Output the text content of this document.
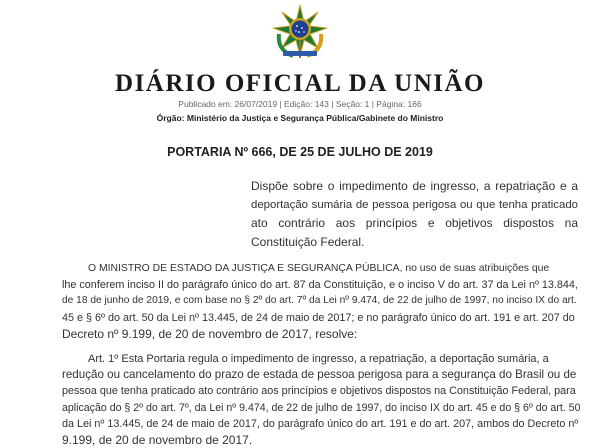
DIÁRIO OFICIAL DA UNIÃO
Publicado em: 26/07/2019 | Edição: 143 | Seção: 1 | Página: 166
Órgão: Ministério da Justiça e Segurança Pública/Gabinete do Ministro
PORTARIA Nº 666, DE 25 DE JULHO DE 2019
Dispõe sobre o impedimento de ingresso, a repatriação e a
deportação sumária de pessoa perigosa ou que tenha praticado
ato contrário aos princípios e objetivos dispostos na
Constituição Federal.
O MINISTRO DE ESTADO DA JUSTIÇA E SEGURANÇA PÚBLICA, no uso de suas atribuições que
lhe conferem inciso II do parágrafo único do art. 87 da Constituição, e o inciso V do art. 37 da Lei nº 13.844,
de 18 de junho de 2019, e com base no § 2º do art. 7º da Lei nº 9.474, de 22 de julho de 1997, no inciso IX do art.
45 e § 6º do art. 50 da Lei nº 13.445, de 24 de maio de 2017; e no parágrafo único do art. 191 e art. 207 do
Decreto nº 9.199, de 20 de novembro de 2017, resolve:
Art. 1º Esta Portaria regula o impedimento de ingresso, a repatriação, a deportação sumária, a
redução ou cancelamento do prazo de estada de pessoa perigosa para a segurança do Brasil ou de
pessoa que tenha praticado ato contrário aos princípios e objetivos dispostos na Constituição Federal, para
aplicação do § 2º do art. 7º, da Lei nº 9.474, de 22 de julho de 1997, do inciso IX do art. 45 e do § 6º do art. 50
da Lei nº 13.445, de 24 de maio de 2017, do parágrafo único do art. 191 e do art. 207, ambos do Decreto nº
9.199, de 20 de novembro de 2017.
